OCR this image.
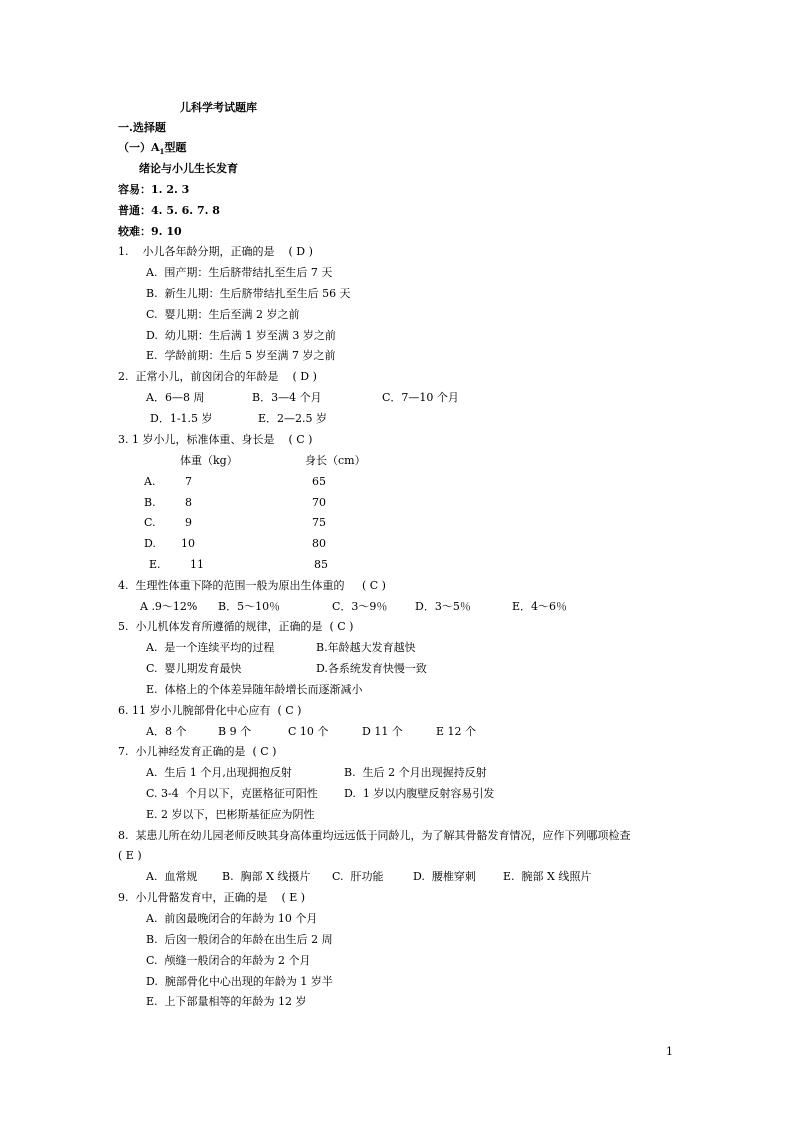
儿科学考试题库
一.选择题
（一）$A_1$型题
绪论与小儿生长发育
容易：1. 2. 3
普通：4. 5. 6. 7. 8
较难：9. 10
1.    小儿各年龄分期，正确的是    ( D )
A.  围产期：生后脐带结扎至生后 7 天
B.  新生儿期：生后脐带结扎至生后 56 天
C.  婴儿期：生后至满 2 岁之前
D.  幼儿期：生后满 1 岁至满 3 岁之前
E.  学龄前期：生后 5 岁至满 7 岁之前
2.  正常小儿，前囟闭合的年龄是    ( D )
A．6—8 周	B．3—4 个月	C．7—10 个月
D．1-1.5 岁	E．2—2.5 岁
3. 1 岁小儿，标准体重、身长是    ( C )
体重（kg）	身长（cm）
A.	7	65
B.	8	70
C.	9	75
D. 10	80
E.	11	85
4.  生理性体重下降的范围一般为原出生体重的     ( C )
A .9～12% B．5～10％	C．3～9％	D．3～5％	E．4～6％
5.  小儿机体发育所遵循的规律，正确的是  ( C )
A.  是一个连续平均的过程	B.年龄越大发育越快
C.  婴儿期发育最快	D.各系统发育快慢一致
E.  体格上的个体差异随年龄增长而逐渐减小
6. 11 岁小儿腕部骨化中心应有  ( C )
A．8 个	B 9 个	C 10 个	D 11 个	E 12 个
7.  小儿神经发育正确的是  ( C )
A.  生后 1 个月,出现拥抱反射	B.  生后 2 个月出现握持反射
C. 3-4  个月以下，克匿格征可阳性 D.  1 岁以内腹壁反射容易引发
E. 2 岁以下，巴彬斯基征应为阴性
8.  某患儿所在幼儿园老师反映其身高体重均远远低于同龄儿，为了解其骨骼发育情况，应作下列哪项检查
( E )
A.  血常规 B.  胸部 X 线摄片 C.  肝功能	D.  腰椎穿刺 E.  腕部 X 线照片
9.  小儿骨骼发育中，正确的是    ( E )
A.  前囟最晚闭合的年龄为 10 个月
B.  后囟一般闭合的年龄在出生后 2 周
C.  颅缝一般闭合的年龄为 2 个月
D.  腕部骨化中心出现的年龄为 1 岁半
E.  上下部量相等的年龄为 12 岁
1
